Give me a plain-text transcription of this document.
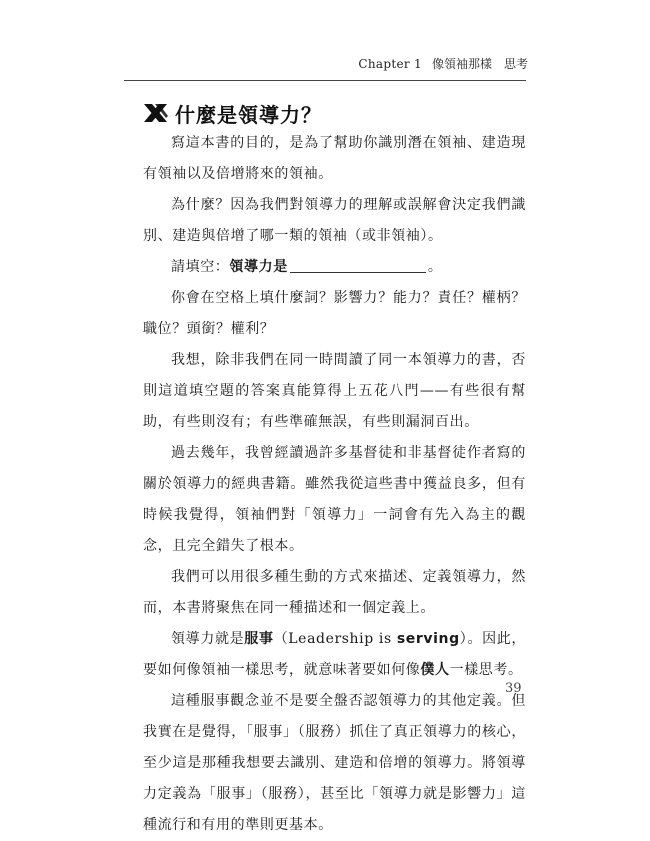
Chapter 1 像領袖那樣　思考
什麼是領導力？

寫這本書的目的，是為了幫助你識別潛在領袖、建造現有領袖以及倍增將來的領袖。

為什麼？因為我們對領導力的理解或誤解會決定我們識別、建造與倍增了哪一類的領袖（或非領袖）。

請填空：領導力是	。

你會在空格上填什麼詞？影響力？能力？責任？權柄？職位？頭銜？權利？

我想，除非我們在同一時間讀了同一本領導力的書，否則這道填空題的答案真能算得上五花八門——有些很有幫助，有些則沒有；有些準確無誤，有些則漏洞百出。

過去幾年，我曾經讀過許多基督徒和非基督徒作者寫的關於領導力的經典書籍。雖然我從這些書中獲益良多，但有時候我覺得，領袖們對「領導力」一詞會有先入為主的觀念，且完全錯失了根本。

我們可以用很多種生動的方式來描述、定義領導力，然而，本書將聚焦在同一種描述和一個定義上。

領導力就是服事（Leadership is serving）。因此，要如何像領袖一樣思考，就意味著要如何像僕人一樣思考。

這種服事觀念並不是要全盤否認領導力的其他定義。但我實在是覺得，「服事」（服務）抓住了真正領導力的核心，至少這是那種我想要去識別、建造和倍增的領導力。將領導力定義為「服事」（服務），甚至比「領導力就是影響力」這種流行和有用的準則更基本。

39
